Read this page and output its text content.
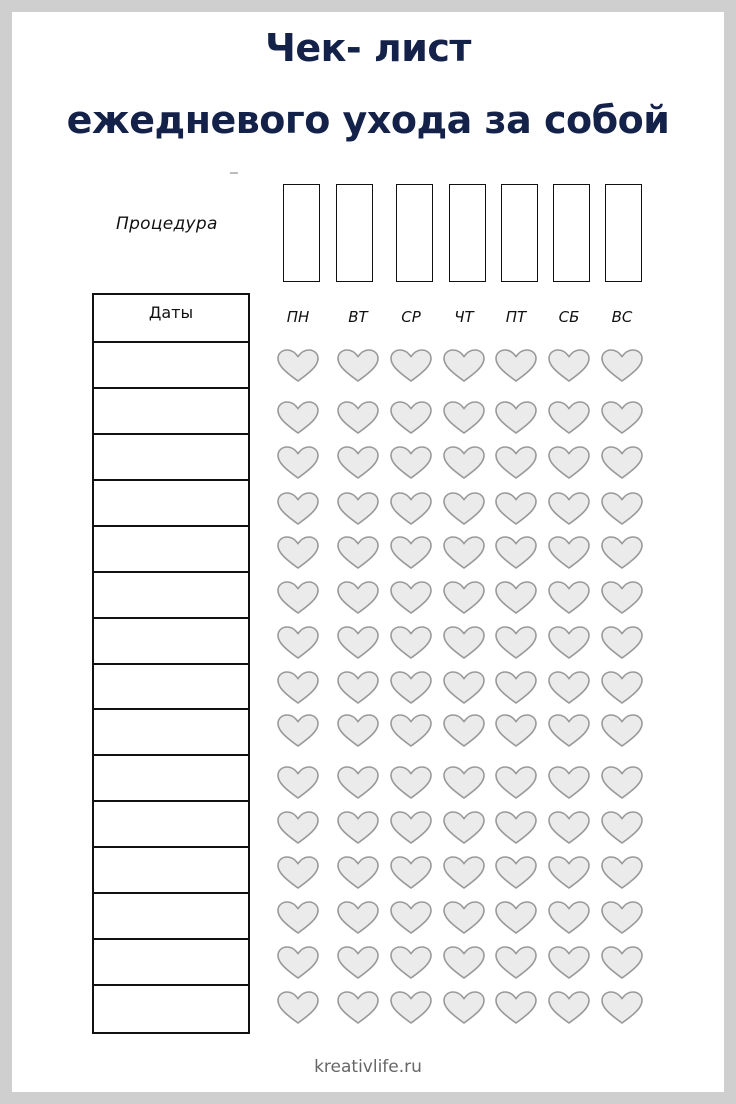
Чек- лист
ежедневого ухода за собой
Процедура
Даты	ПН	ВТ	СР	ЧТ	ПТ	СБ	ВС
kreativlife.ru
